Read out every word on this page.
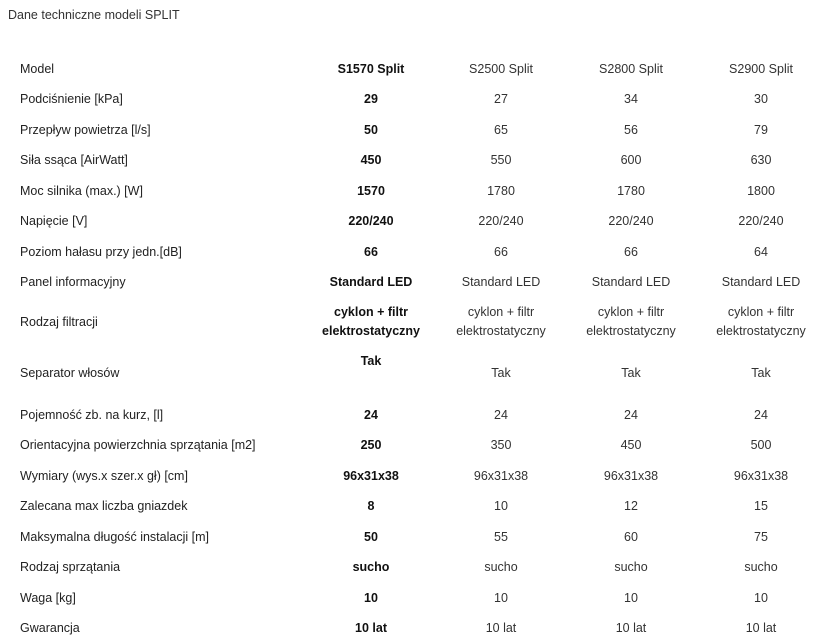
Dane techniczne modeli SPLIT
Model	S1570 Split	S2500 Split	S2800 Split	S2900 Split
Podciśnienie [kPa]	29	27	34	30
Przepływ powietrza [l/s]	50	65	56	79
Siła ssąca [AirWatt]	450	550	600	630
Moc silnika (max.) [W]	1570	1780	1780	1800
Napięcie [V]	220/240	220/240	220/240	220/240
Poziom hałasu przy jedn.[dB]	66	66	66	64
Panel informacyjny	Standard LED	Standard LED	Standard LED	Standard LED
Rodzaj filtracji	cyklon + filtr elektrostatyczny	cyklon + filtr elektrostatyczny	cyklon + filtr elektrostatyczny	cyklon + filtr elektrostatyczny
Separator włosów	Tak	Tak	Tak	Tak
Pojemność zb. na kurz, [l]	24	24	24	24
Orientacyjna powierzchnia sprzątania [m2]	250	350	450	500
Wymiary (wys.x szer.x gł) [cm]	96x31x38	96x31x38	96x31x38	96x31x38
Zalecana max liczba gniazdek	8	10	12	15
Maksymalna długość instalacji [m]	50	55	60	75
Rodzaj sprzątania	sucho	sucho	sucho	sucho
Waga [kg]	10	10	10	10
Gwarancja	10 lat	10 lat	10 lat	10 lat
